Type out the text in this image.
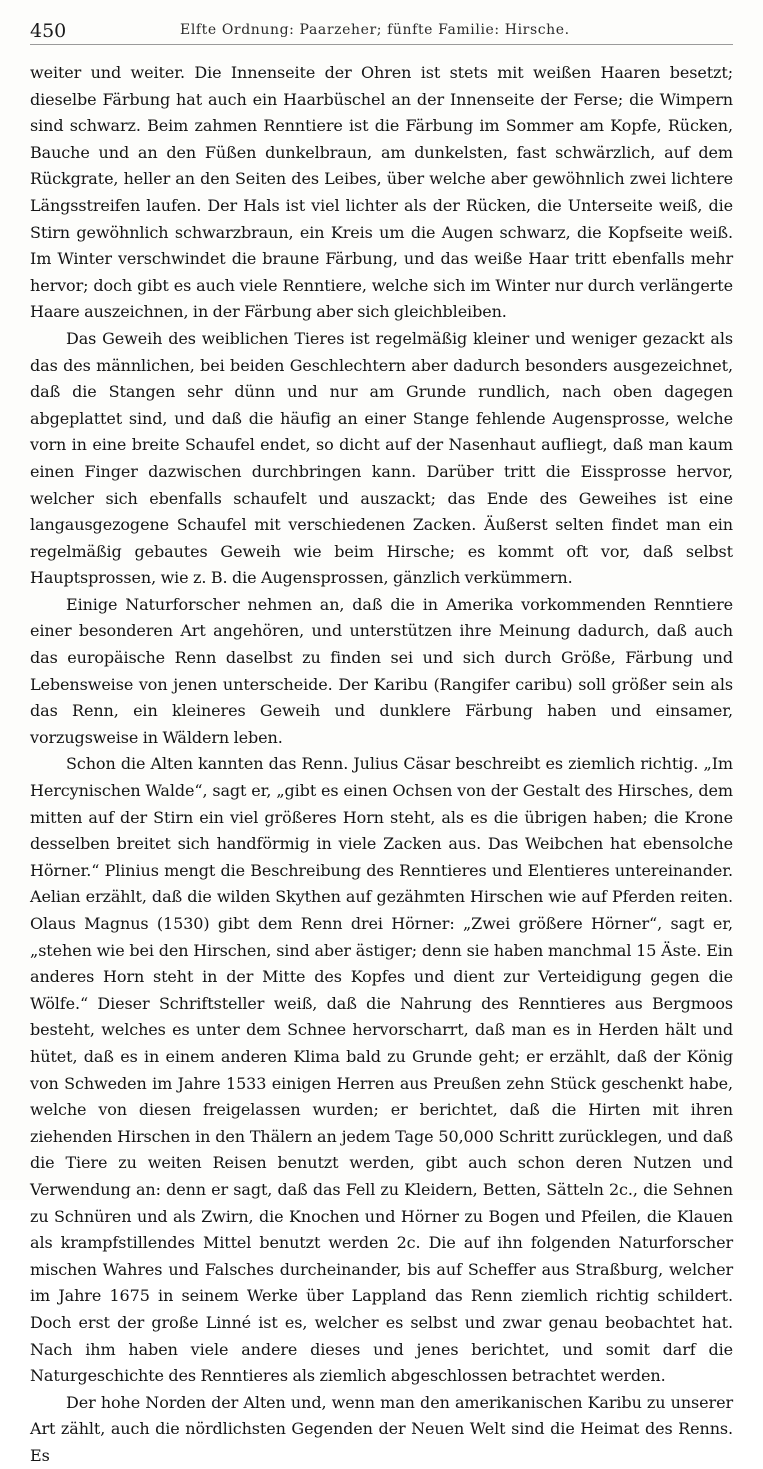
450	Elfte Ordnung: Paarzeher; fünfte Familie: Hirsche.

weiter und weiter. Die Innenseite der Ohren ist stets mit weißen Haaren besetzt; dieselbe Färbung hat auch ein Haarbüschel an der Innenseite der Ferse; die Wimpern sind schwarz. Beim zahmen Renntiere ist die Färbung im Sommer am Kopfe, Rücken, Bauche und an den Füßen dunkelbraun, am dunkelsten, fast schwärzlich, auf dem Rückgrate, heller an den Seiten des Leibes, über welche aber gewöhnlich zwei lichtere Längsstreifen laufen. Der Hals ist viel lichter als der Rücken, die Unterseite weiß, die Stirn gewöhnlich schwarzbraun, ein Kreis um die Augen schwarz, die Kopfseite weiß. Im Winter verschwindet die braune Färbung, und das weiße Haar tritt ebenfalls mehr hervor; doch gibt es auch viele Renntiere, welche sich im Winter nur durch verlängerte Haare auszeichnen, in der Färbung aber sich gleichbleiben.

Das Geweih des weiblichen Tieres ist regelmäßig kleiner und weniger gezackt als das des männlichen, bei beiden Geschlechtern aber dadurch besonders ausgezeichnet, daß die Stangen sehr dünn und nur am Grunde rundlich, nach oben dagegen abgeplattet sind, und daß die häufig an einer Stange fehlende Augensprosse, welche vorn in eine breite Schaufel endet, so dicht auf der Nasenhaut aufliegt, daß man kaum einen Finger dazwischen durchbringen kann. Darüber tritt die Eissprosse hervor, welcher sich ebenfalls schaufelt und auszackt; das Ende des Geweihes ist eine langausgezogene Schaufel mit verschiedenen Zacken. Äußerst selten findet man ein regelmäßig gebautes Geweih wie beim Hirsche; es kommt oft vor, daß selbst Hauptsprossen, wie z. B. die Augensprossen, gänzlich verkümmern.

Einige Naturforscher nehmen an, daß die in Amerika vorkommenden Renntiere einer besonderen Art angehören, und unterstützen ihre Meinung dadurch, daß auch das europäische Renn daselbst zu finden sei und sich durch Größe, Färbung und Lebensweise von jenen unterscheide. Der Karibu (Rangifer caribu) soll größer sein als das Renn, ein kleineres Geweih und dunklere Färbung haben und einsamer, vorzugsweise in Wäldern leben.

Schon die Alten kannten das Renn. Julius Cäsar beschreibt es ziemlich richtig. „Im Hercynischen Walde“, sagt er, „gibt es einen Ochsen von der Gestalt des Hirsches, dem mitten auf der Stirn ein viel größeres Horn steht, als es die übrigen haben; die Krone desselben breitet sich handförmig in viele Zacken aus. Das Weibchen hat ebensolche Hörner.“ Plinius mengt die Beschreibung des Renntieres und Elentieres untereinander. Aelian erzählt, daß die wilden Skythen auf gezähmten Hirschen wie auf Pferden reiten. Olaus Magnus (1530) gibt dem Renn drei Hörner: „Zwei größere Hörner“, sagt er, „stehen wie bei den Hirschen, sind aber ästiger; denn sie haben manchmal 15 Äste. Ein anderes Horn steht in der Mitte des Kopfes und dient zur Verteidigung gegen die Wölfe.“ Dieser Schriftsteller weiß, daß die Nahrung des Renntieres aus Bergmoos besteht, welches es unter dem Schnee hervorscharrt, daß man es in Herden hält und hütet, daß es in einem anderen Klima bald zu Grunde geht; er erzählt, daß der König von Schweden im Jahre 1533 einigen Herren aus Preußen zehn Stück geschenkt habe, welche von diesen freigelassen wurden; er berichtet, daß die Hirten mit ihren ziehenden Hirschen in den Thälern an jedem Tage 50,000 Schritt zurücklegen, und daß die Tiere zu weiten Reisen benutzt werden, gibt auch schon deren Nutzen und Verwendung an: denn er sagt, daß das Fell zu Kleidern, Betten, Sätteln 2c., die Sehnen zu Schnüren und als Zwirn, die Knochen und Hörner zu Bogen und Pfeilen, die Klauen als krampfstillendes Mittel benutzt werden 2c. Die auf ihn folgenden Naturforscher mischen Wahres und Falsches durcheinander, bis auf Scheffer aus Straßburg, welcher im Jahre 1675 in seinem Werke über Lappland das Renn ziemlich richtig schildert. Doch erst der große Linné ist es, welcher es selbst und zwar genau beobachtet hat. Nach ihm haben viele andere dieses und jenes berichtet, und somit darf die Naturgeschichte des Renntieres als ziemlich abgeschlossen betrachtet werden.

Der hohe Norden der Alten und, wenn man den amerikanischen Karibu zu unserer Art zählt, auch die nördlichsten Gegenden der Neuen Welt sind die Heimat des Renns. Es
